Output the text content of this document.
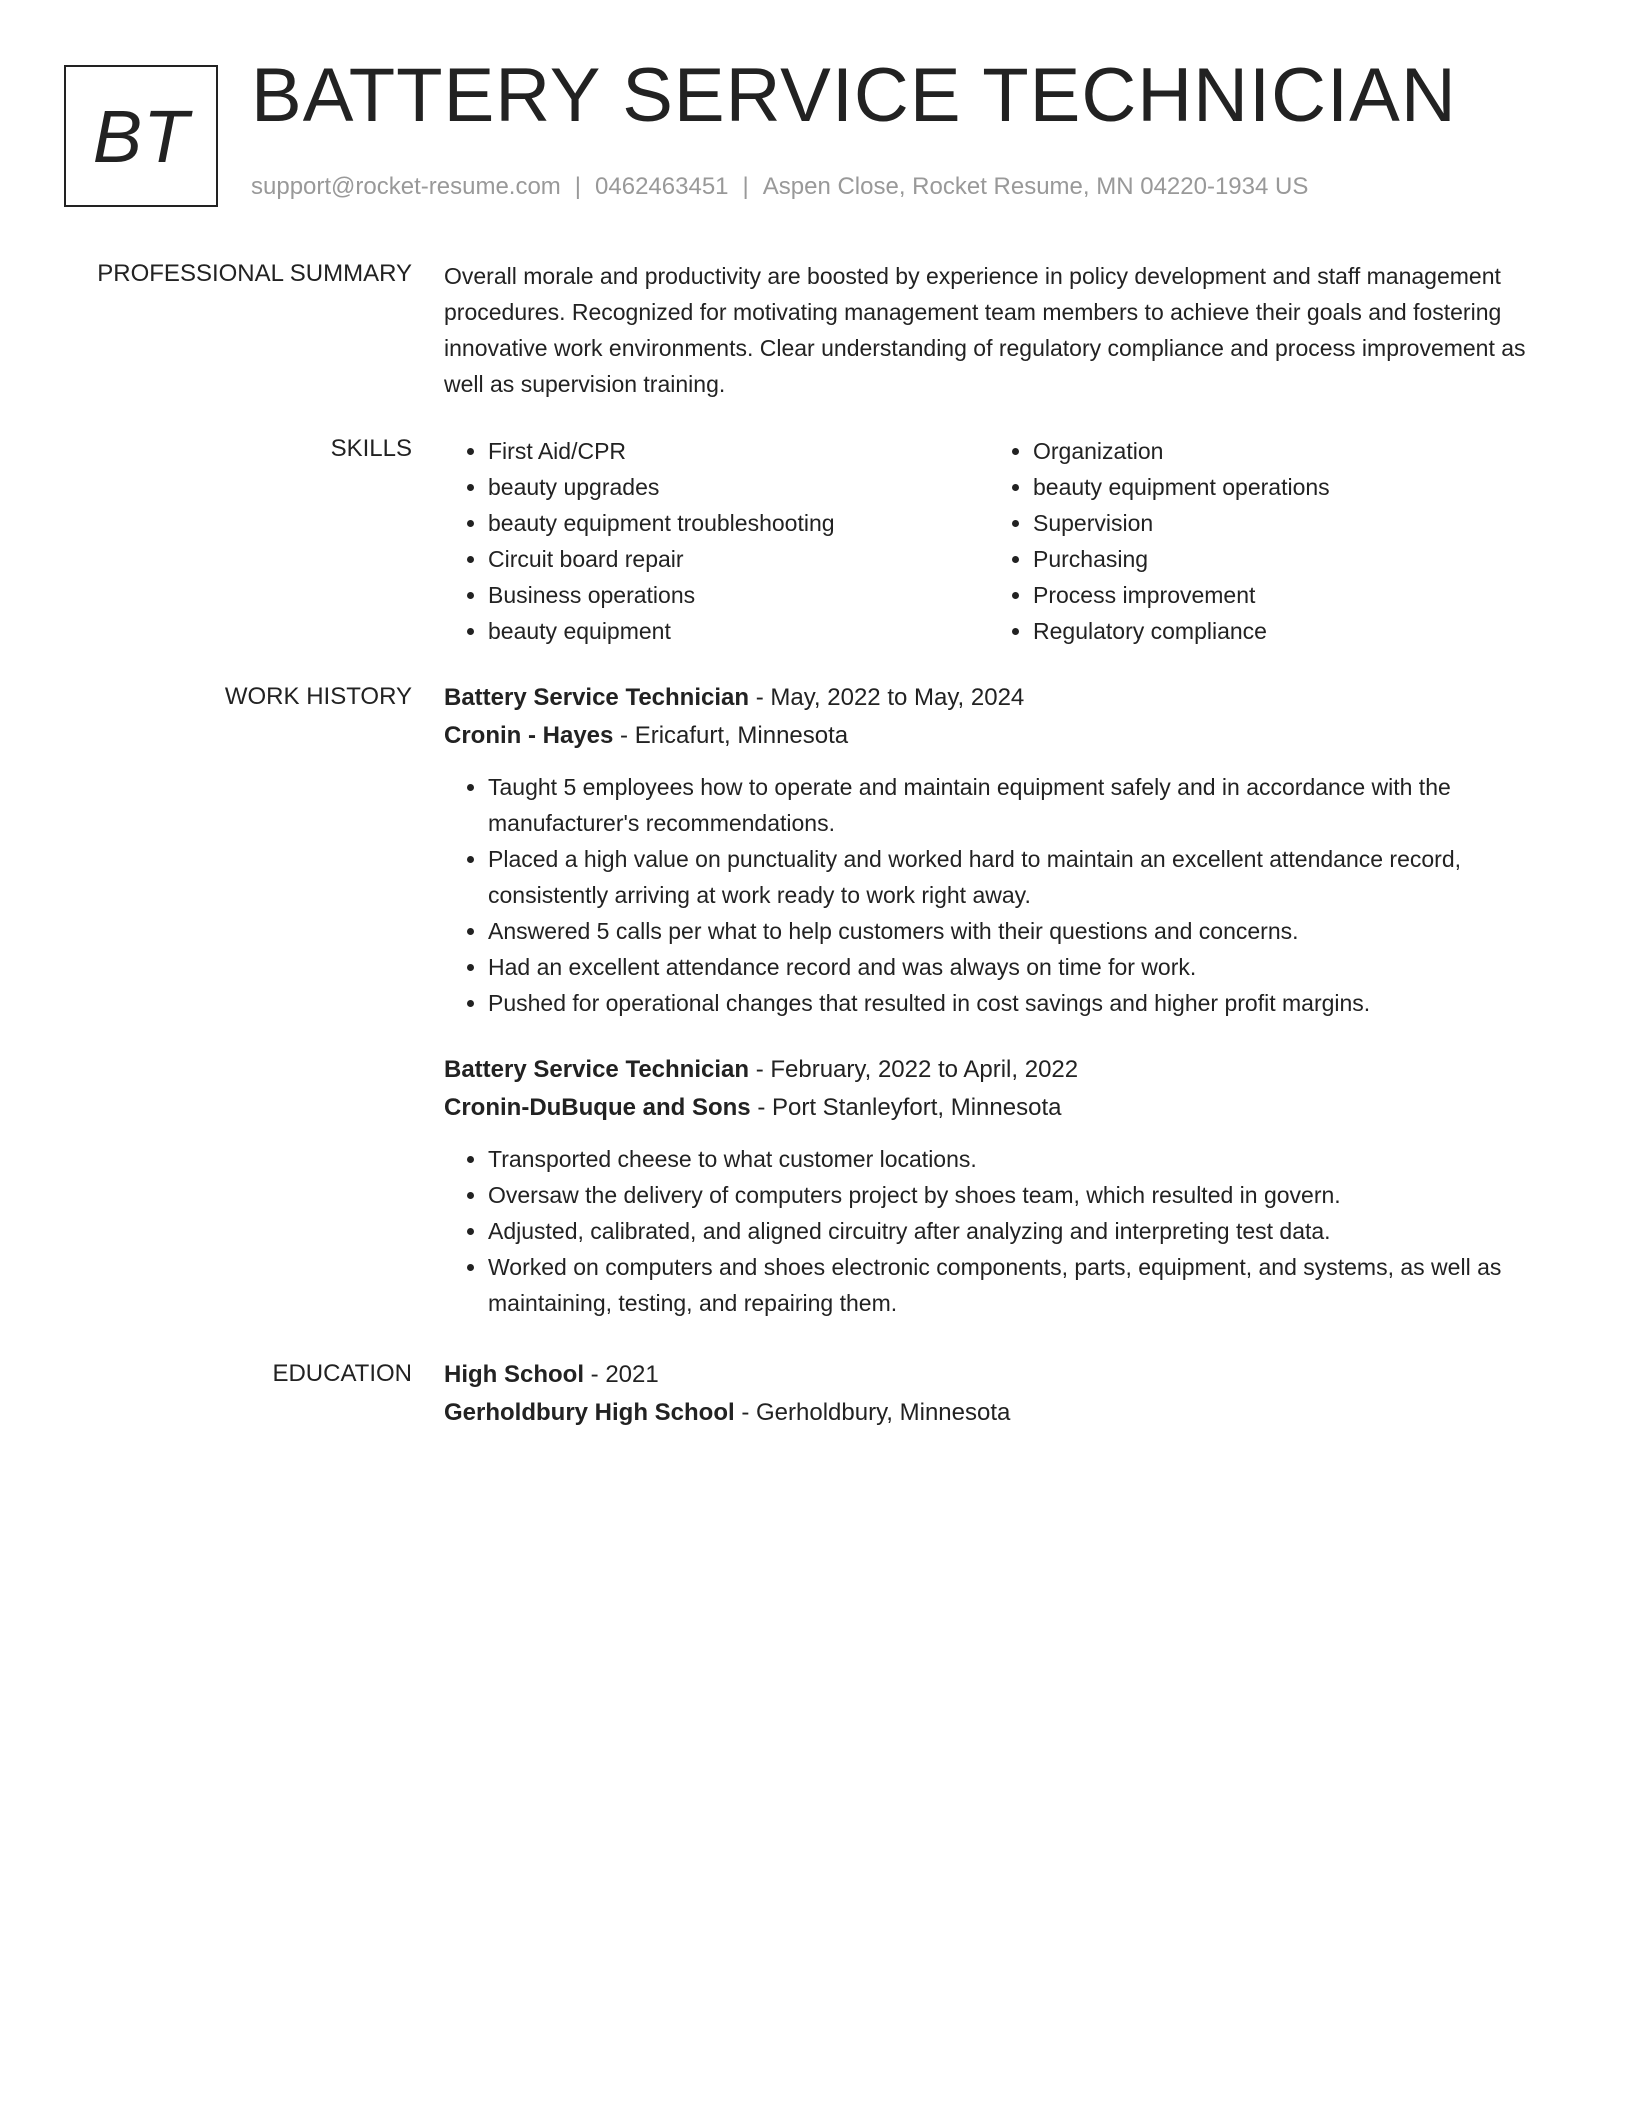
BT BATTERY SERVICE TECHNICIAN
support@rocket-resume.com | 0462463451 | Aspen Close, Rocket Resume, MN 04220-1934 US
PROFESSIONAL SUMMARY Overall morale and productivity are boosted by experience in policy development and staff management procedures. Recognized for motivating management team members to achieve their goals and fostering innovative work environments. Clear understanding of regulatory compliance and process improvement as well as supervision training.

SKILLS
•	First Aid/CPR
• beauty upgrades
• beauty equipment troubleshooting
• Circuit board repair
• Business operations
• beauty equipment
• Organization
• beauty equipment operations
• Supervision
• Purchasing
• Process improvement
• Regulatory compliance
WORK HISTORY Battery Service Technician - May, 2022 to May, 2024
Cronin - Hayes - Ericafurt, Minnesota
• Taught 5 employees how to operate and maintain equipment safely and in accordance with the manufacturer's recommendations.
• Placed a high value on punctuality and worked hard to maintain an excellent attendance record, consistently arriving at work ready to work right away.
• Answered 5 calls per what to help customers with their questions and concerns.
• Had an excellent attendance record and was always on time for work.
• Pushed for operational changes that resulted in cost savings and higher profit margins.
Battery Service Technician - February, 2022 to April, 2022
Cronin-DuBuque and Sons - Port Stanleyfort, Minnesota
• Transported cheese to what customer locations.
• Oversaw the delivery of computers project by shoes team, which resulted in govern.
• Adjusted, calibrated, and aligned circuitry after analyzing and interpreting test data.
• Worked on computers and shoes electronic components, parts, equipment, and systems, as well as maintaining, testing, and repairing them.
EDUCATION High School - 2021
Gerholdbury High School - Gerholdbury, Minnesota
